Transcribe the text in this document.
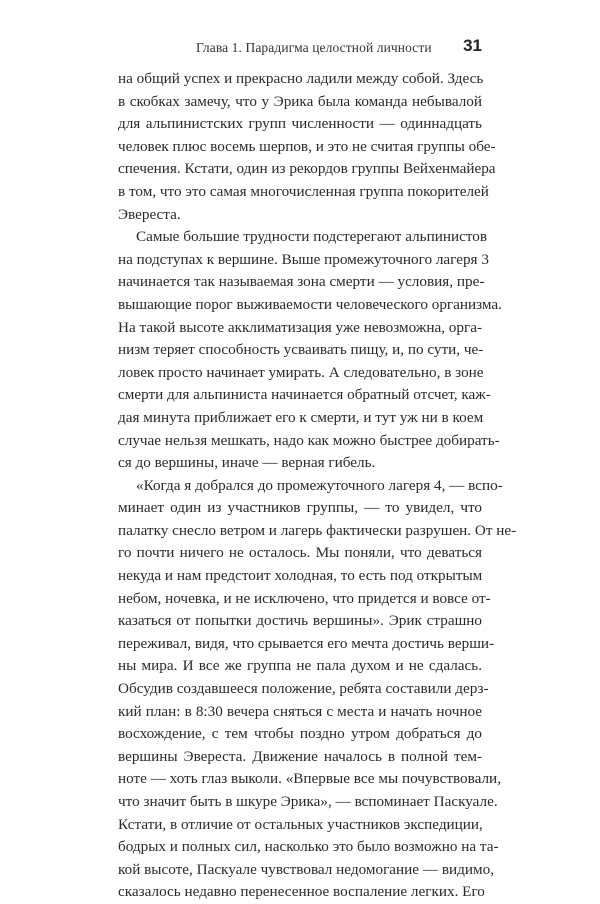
Глава 1. Парадигма целостной личности 31
на общий успех и прекрасно ладили между собой. Здесь
в скобках замечу, что у Эрика была команда небывалой
для альпинистских групп численности — одиннадцать
человек плюс восемь шерпов, и это не считая группы обе-
спечения. Кстати, один из рекордов группы Вейхенмайера
в том, что это самая многочисленная группа покорителей
Эвереста.
Самые большие трудности подстерегают альпинистов
на подступах к вершине. Выше промежуточного лагеря 3
начинается так называемая зона смерти — условия, пре-
вышающие порог выживаемости человеческого организма.
На такой высоте акклиматизация уже невозможна, орга-
низм теряет способность усваивать пищу, и, по сути, че-
ловек просто начинает умирать. А следовательно, в зоне
смерти для альпиниста начинается обратный отсчет, каж-
дая минута приближает его к смерти, и тут уж ни в коем
случае нельзя мешкать, надо как можно быстрее добирать-
ся до вершины, иначе — верная гибель.
«Когда я добрался до промежуточного лагеря 4, — вспо-
минает один из участников группы, — то увидел, что
палатку снесло ветром и лагерь фактически разрушен. От не-
го почти ничего не осталось. Мы поняли, что деваться
некуда и нам предстоит холодная, то есть под открытым
небом, ночевка, и не исключено, что придется и вовсе от-
казаться от попытки достичь вершины». Эрик страшно
переживал, видя, что срывается его мечта достичь верши-
ны мира. И все же группа не пала духом и не сдалась.
Обсудив создавшееся положение, ребята составили дерз-
кий план: в 8:30 вечера сняться с места и начать ночное
восхождение, с тем чтобы поздно утром добраться до
вершины Эвереста. Движение началось в полной тем-
ноте — хоть глаз выколи. «Впервые все мы почувствовали,
что значит быть в шкуре Эрика», — вспоминает Паскуале.
Кстати, в отличие от остальных участников экспедиции,
бодрых и полных сил, насколько это было возможно на та-
кой высоте, Паскуале чувствовал недомогание — видимо,
сказалось недавно перенесенное воспаление легких. Его
